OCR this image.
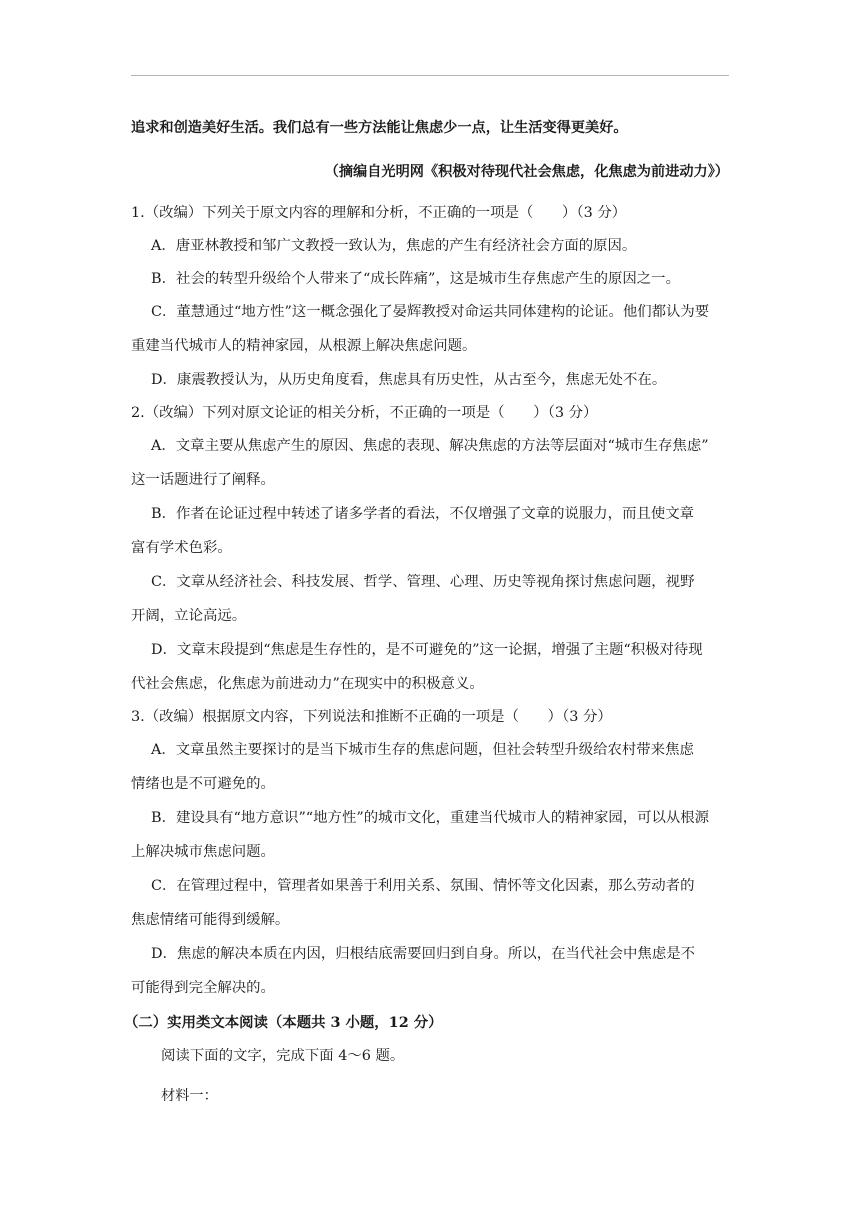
追求和创造美好生活。我们总有一些方法能让焦虑少一点，让生活变得更美好。
（摘编自光明网《积极对待现代社会焦虑，化焦虑为前进动力》）
1.（改编）下列关于原文内容的理解和分析，不正确的一项是（　　）（3 分）
A．唐亚林教授和邹广文教授一致认为，焦虑的产生有经济社会方面的原因。
B．社会的转型升级给个人带来了“成长阵痛”，这是城市生存焦虑产生的原因之一。
C．董慧通过“地方性”这一概念强化了晏辉教授对命运共同体建构的论证。他们都认为要
重建当代城市人的精神家园，从根源上解决焦虑问题。
D．康震教授认为，从历史角度看，焦虑具有历史性，从古至今，焦虑无处不在。
2.（改编）下列对原文论证的相关分析，不正确的一项是（　　）（3 分）
A．文章主要从焦虑产生的原因、焦虑的表现、解决焦虑的方法等层面对“城市生存焦虑”
这一话题进行了阐释。
B．作者在论证过程中转述了诸多学者的看法，不仅增强了文章的说服力，而且使文章
富有学术色彩。
C．文章从经济社会、科技发展、哲学、管理、心理、历史等视角探讨焦虑问题，视野
开阔，立论高远。
D．文章末段提到“焦虑是生存性的，是不可避免的”这一论据，增强了主题“积极对待现
代社会焦虑，化焦虑为前进动力”在现实中的积极意义。
3.（改编）根据原文内容，下列说法和推断不正确的一项是（　　）（3 分）
A．文章虽然主要探讨的是当下城市生存的焦虑问题，但社会转型升级给农村带来焦虑
情绪也是不可避免的。
B．建设具有“地方意识”“地方性”的城市文化，重建当代城市人的精神家园，可以从根源
上解决城市焦虑问题。
C．在管理过程中，管理者如果善于利用关系、氛围、情怀等文化因素，那么劳动者的
焦虑情绪可能得到缓解。
D．焦虑的解决本质在内因，归根结底需要回归到自身。所以，在当代社会中焦虑是不
可能得到完全解决的。
（二）实用类文本阅读（本题共 3 小题，12 分）
阅读下面的文字，完成下面 4～6 题。
材料一：
